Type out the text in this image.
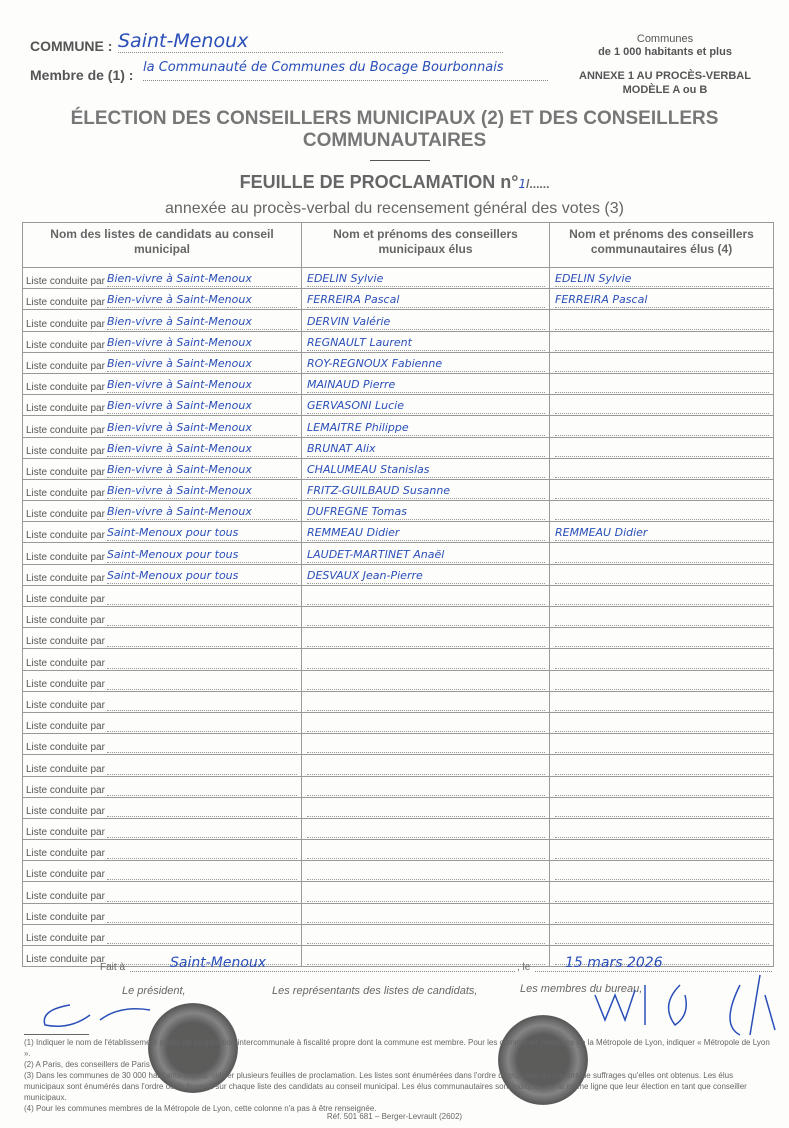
COMMUNE : Saint-Menoux
Membre de (1) : la Communauté de Communes du Bocage Bourbonnais
Communes
de 1 000 habitants et plus
ANNEXE 1 AU PROCÈS-VERBAL
MODÈLE A ou B
ÉLECTION DES CONSEILLERS MUNICIPAUX (2) ET DES CONSEILLERS
COMMUNAUTAIRES
FEUILLE DE PROCLAMATION n°1/......
annexée au procès-verbal du recensement général des votes (3)
Nom des listes de candidats au conseil municipal	Nom et prénoms des conseillers municipaux élus	Nom et prénoms des conseillers communautaires élus (4)

Liste conduite par Bien-vivre à Saint-Menoux	EDELIN Sylvie	EDELIN Sylvie

Liste conduite par Bien-vivre à Saint-Menoux	FERREIRA Pascal	FERREIRA Pascal

Liste conduite par Bien-vivre à Saint-Menoux	DERVIN Valérie	

Liste conduite par Bien-vivre à Saint-Menoux	REGNAULT Laurent	

Liste conduite par Bien-vivre à Saint-Menoux	ROY-REGNOUX Fabienne	

Liste conduite par Bien-vivre à Saint-Menoux	MAINAUD Pierre	

Liste conduite par Bien-vivre à Saint-Menoux	GERVASONI Lucie	

Liste conduite par Bien-vivre à Saint-Menoux	LEMAITRE Philippe	

Liste conduite par Bien-vivre à Saint-Menoux	BRUNAT Alix	

Liste conduite par Bien-vivre à Saint-Menoux	CHALUMEAU Stanislas	

Liste conduite par Bien-vivre à Saint-Menoux	FRITZ-GUILBAUD Susanne	

Liste conduite par Bien-vivre à Saint-Menoux	DUFREGNE Tomas	

Liste conduite par Saint-Menoux pour tous	REMMEAU Didier	REMMEAU Didier

Liste conduite par Saint-Menoux pour tous	LAUDET-MARTINET Anaël	

Liste conduite par Saint-Menoux pour tous	DESVAUX Jean-Pierre	

Liste conduite par		

Liste conduite par		

Liste conduite par		

Liste conduite par		

Liste conduite par		

Liste conduite par		

Liste conduite par		

Liste conduite par		

Liste conduite par		

Liste conduite par		

Liste conduite par		

Liste conduite par		

Liste conduite par		

Liste conduite par		

Liste conduite par		

Liste conduite par		

Liste conduite par		

Liste conduite par		

Fait à	Saint-Menoux	, le	15 mars 2026
Le président,	Les représentants des listes de candidats,	Les membres du bureau,
(1) Indiquer le nom de l'établissement public de coopération intercommunale à fiscalité propre dont la commune est membre. Pour les communes membres de la Métropole de Lyon, indiquer « Métropole de Lyon ».
(2) A Paris, des conseillers de Paris
(3) Dans les communes de 30 000 habitants et plus, utiliser plusieurs feuilles de proclamation. Les listes sont énumérées dans l'ordre décroissant du nombre de suffrages qu'elles ont obtenus. Les élus municipaux sont énumérés dans l'ordre où ils figurent sur chaque liste des candidats au conseil municipal. Les élus communautaires sont indiqués sur la même ligne que leur élection en tant que conseiller municipaux.
(4) Pour les communes membres de la Métropole de Lyon, cette colonne n'a pas à être renseignée.
Réf. 501 681 – Berger-Levrault (2602)
